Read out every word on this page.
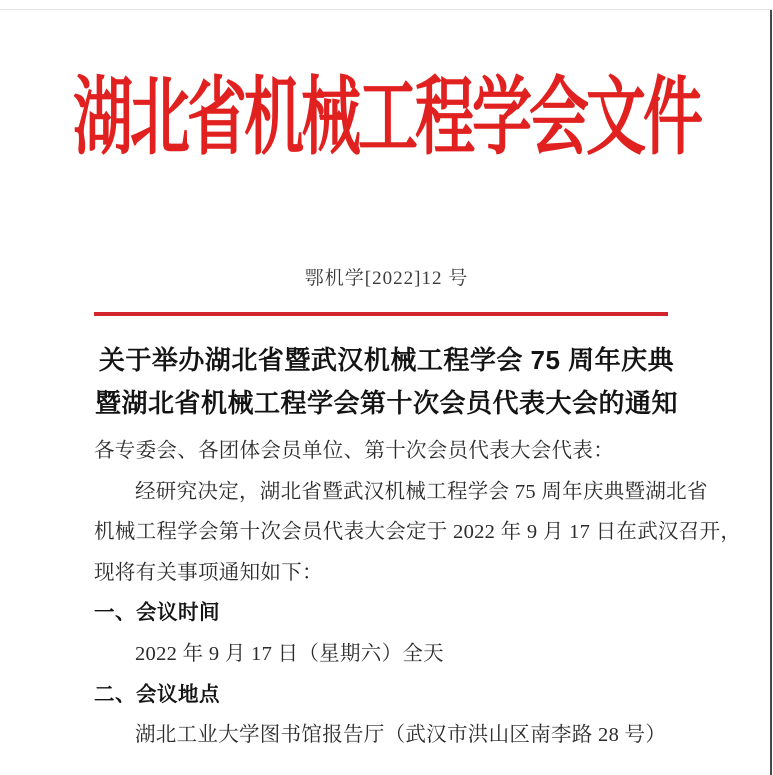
湖北省机械工程学会文件
鄂机学[2022]12 号
关于举办湖北省暨武汉机械工程学会 75 周年庆典
暨湖北省机械工程学会第十次会员代表大会的通知
各专委会、各团体会员单位、第十次会员代表大会代表：
经研究决定，湖北省暨武汉机械工程学会 75 周年庆典暨湖北省
机械工程学会第十次会员代表大会定于 2022 年 9 月 17 日在武汉召开，
现将有关事项通知如下：
一、会议时间
2022 年 9 月 17 日（星期六）全天
二、会议地点
湖北工业大学图书馆报告厅（武汉市洪山区南李路 28 号）
